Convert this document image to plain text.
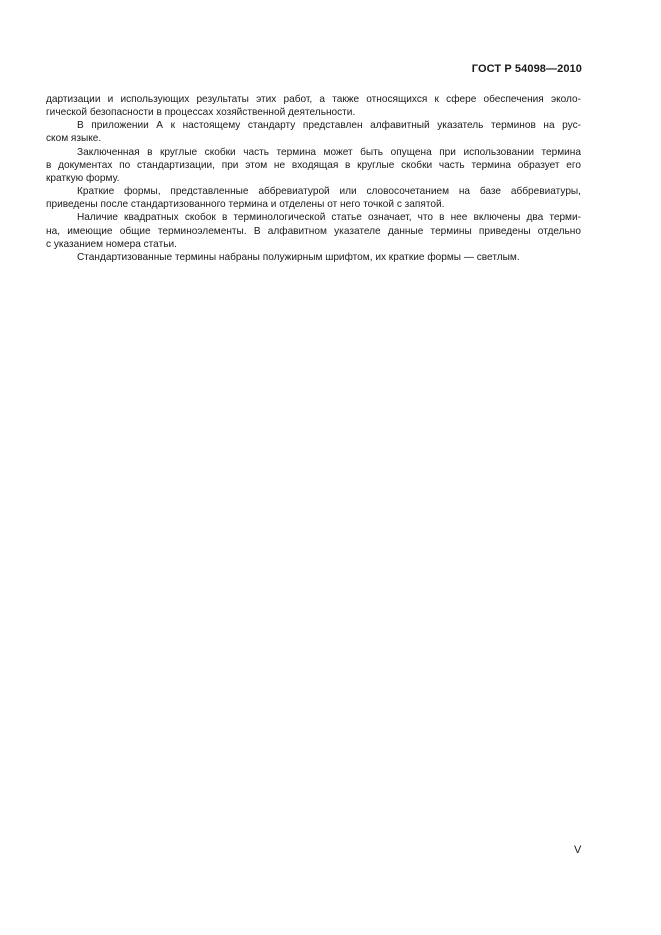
ГОСТ Р 54098—2010
дартизации и использующих результаты этих работ, а также относящихся к сфере обеспечения эколо-
гической безопасности в процессах хозяйственной деятельности.
В приложении А к настоящему стандарту представлен алфавитный указатель терминов на рус-
ском языке.
Заключенная в круглые скобки часть термина может быть опущена при использовании термина
в документах по стандартизации, при этом не входящая в круглые скобки часть термина образует его
краткую форму.
Краткие формы, представленные аббревиатурой или словосочетанием на базе аббревиатуры,
приведены после стандартизованного термина и отделены от него точкой с запятой.
Наличие квадратных скобок в терминологической статье означает, что в нее включены два терми-
на, имеющие общие терминоэлементы. В алфавитном указателе данные термины приведены отдельно
с указанием номера статьи.
Стандартизованные термины набраны полужирным шрифтом, их краткие формы — светлым.
V
